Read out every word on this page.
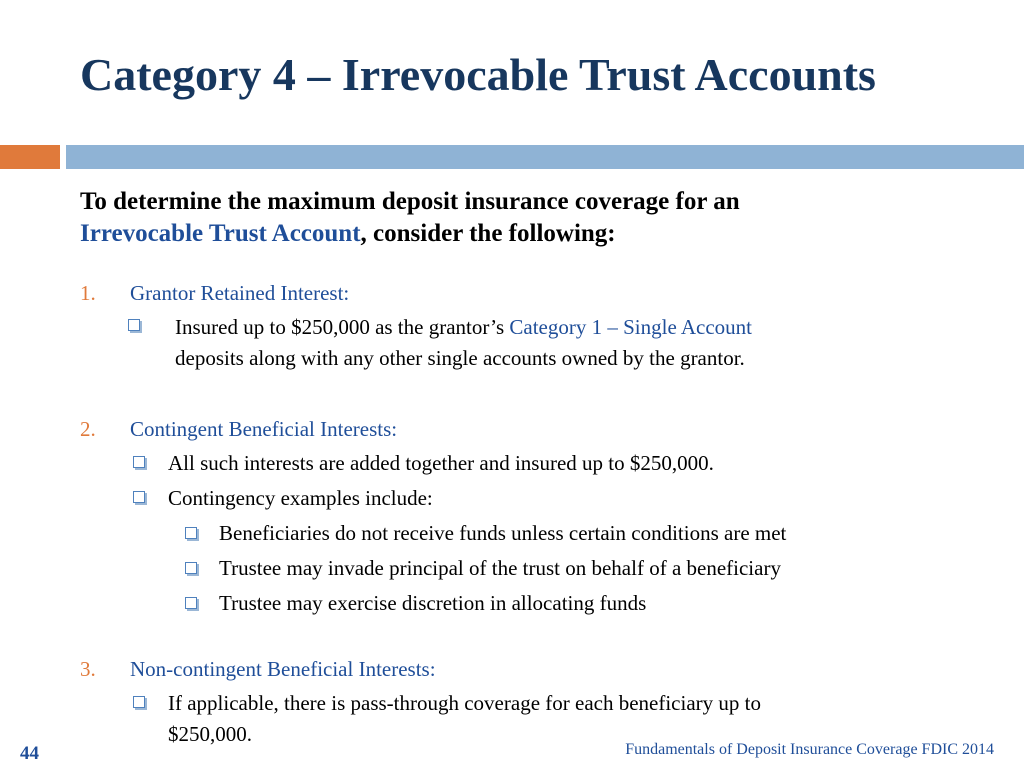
Category 4 – Irrevocable Trust Accounts
To determine the maximum deposit insurance coverage for an
Irrevocable Trust Account, consider the following:
1. Grantor Retained Interest:
Insured up to $250,000 as the grantor’s Category 1 – Single Account
deposits along with any other single accounts owned by the grantor.
2. Contingent Beneficial Interests:
All such interests are added together and insured up to $250,000.
Contingency examples include:
Beneficiaries do not receive funds unless certain conditions are met
Trustee may invade principal of the trust on behalf of a beneficiary
Trustee may exercise discretion in allocating funds
3. Non-contingent Beneficial Interests:
If applicable, there is pass-through coverage for each beneficiary up to
$250,000.
44	Fundamentals of Deposit Insurance Coverage FDIC 2014
